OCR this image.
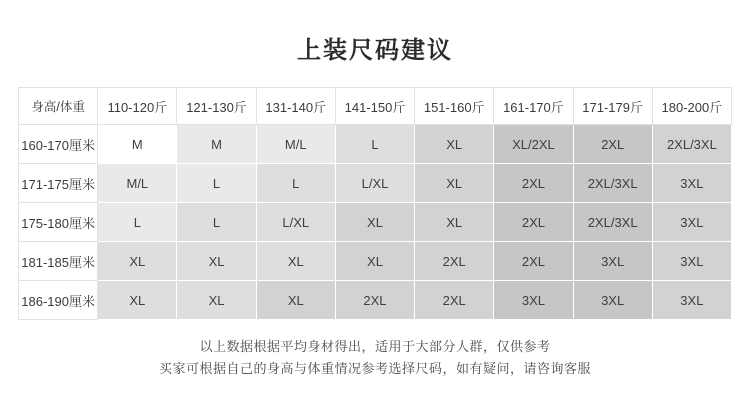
上装尺码建议
身高/体重	110-120斤	121-130斤	131-140斤	141-150斤	151-160斤	161-170斤	171-179斤	180-200斤
160-170厘米	M	M	M/L	L	XL	XL/2XL	2XL	2XL/3XL
171-175厘米	M/L	L	L	L/XL	XL	2XL	2XL/3XL	3XL
175-180厘米	L	L	L/XL	XL	XL	2XL	2XL/3XL	3XL
181-185厘米	XL	XL	XL	XL	2XL	2XL	3XL	3XL
186-190厘米	XL	XL	XL	2XL	2XL	3XL	3XL	3XL

以上数据根据平均身材得出，适用于大部分人群，仅供参考

买家可根据自己的身高与体重情况参考选择尺码，如有疑问，请咨询客服
